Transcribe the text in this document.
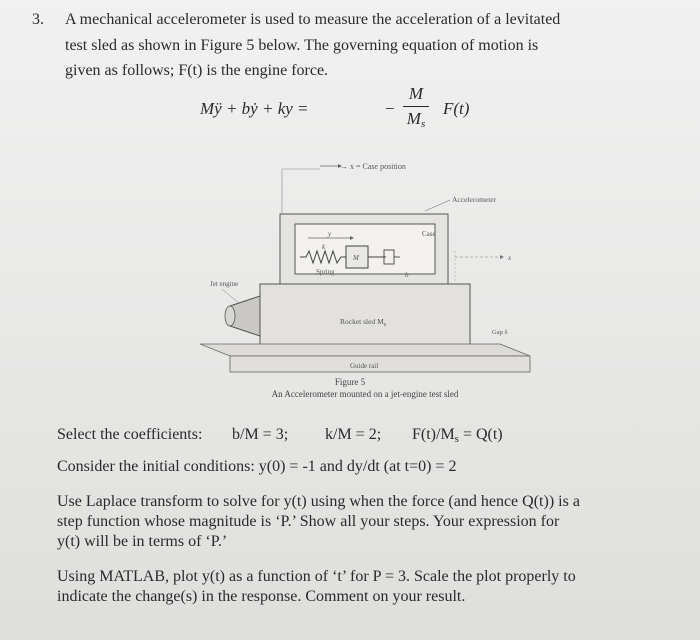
3. A mechanical accelerometer is used to measure the acceleration of a levitated

test sled as shown in Figure 5 below. The governing equation of motion is

given as follows; F(t) is the engine force.

Mÿ + bẏ + ky =	−
M
$M_s$
F(t)
→ x = Case position
Accelerometer
Case
y
k
Spring
M
b
x
Rocket sled $M_s$
Jet engine
Gap δ
Guide rail
Figure 5
An Accelerometer mounted on a jet-engine test sled

Select the coefficients: b/M = 3; k/M = 2; $F(t)/M_s = Q(t)$

Consider the initial conditions: y(0) = -1 and dy/dt (at t=0) = 2

Use Laplace transform to solve for y(t) using when the force (and hence Q(t)) is a

step function whose magnitude is ‘P.’ Show all your steps. Your expression for

y(t) will be in terms of ‘P.’

Using MATLAB, plot y(t) as a function of ‘t’ for P = 3. Scale the plot properly to

indicate the change(s) in the response. Comment on your result.
